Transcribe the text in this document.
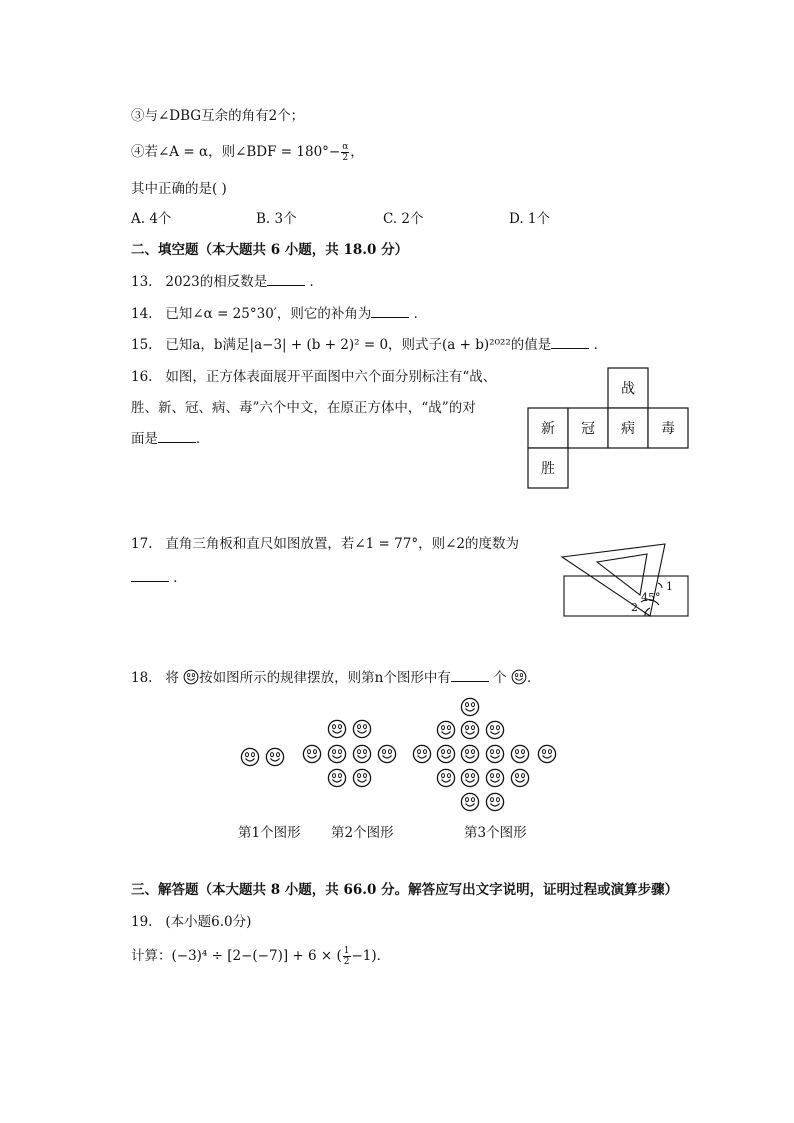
③与∠DBG互余的角有2个；
④若∠A = α，则∠BDF = $180^\circ- \frac{\alpha}{2}$ ，
其中正确的是( )
A. 4个	B. 3个	C. 2个	D. 1个
二、填空题（本大题共 6 小题，共 18.0 分）
13. 2023的相反数是	．
14. 已知∠α = 25°30′，则它的补角为	．
15. 已知a，b满足|a−3| + (b + 2)² = 0，则式子(a + b)²⁰²²的值是	．
16. 如图，正方体表面展开平面图中六个面分别标注有“战、
胜、新、冠、病、毒”六个中文，在原正方体中，“战”的对
面是	．
战
新 冠 病 毒
胜
17. 直角三角板和直尺如图放置，若∠1 = 77°，则∠2的度数为
．
45°
1
2
18. 将 按如图所示的规律摆放，则第n个图形中有	个 ．
第1个图形 第2个图形	第3个图形
三、解答题（本大题共 8 小题，共 66.0 分。解答应写出文字说明，证明过程或演算步骤）
19. (本小题6.0分)
计算：(−3)⁴ ÷ [2−(−7)] + 6 × ( $\frac{1}{2} -1$)．
